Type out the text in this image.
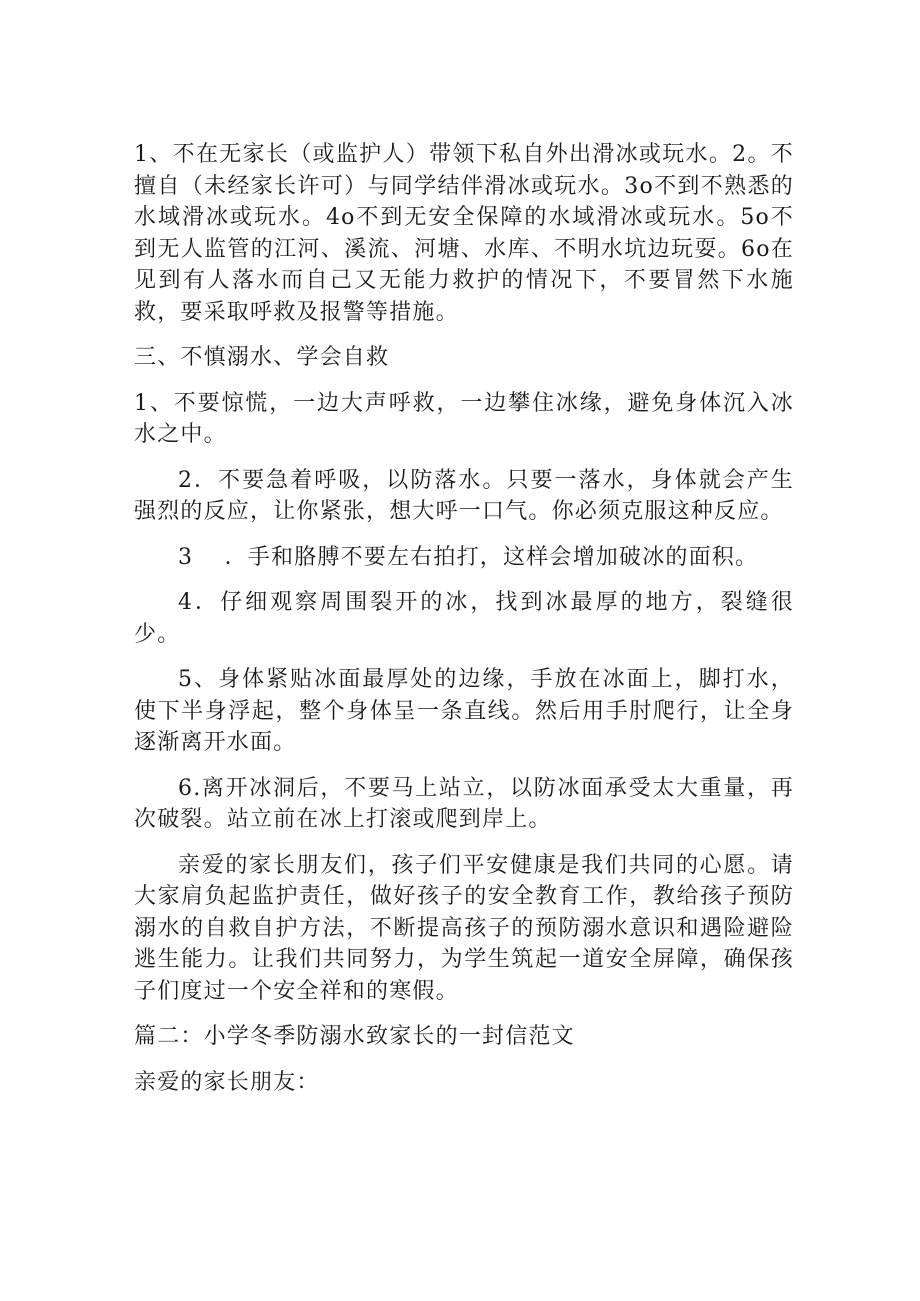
1、不在无家长（或监护人）带领下私自外出滑冰或玩水。2。不擅自（未经家长许可）与同学结伴滑冰或玩水。3o不到不熟悉的水域滑冰或玩水。4o不到无安全保障的水域滑冰或玩水。5o不到无人监管的江河、溪流、河塘、水库、不明水坑边玩耍。6o在见到有人落水而自己又无能力救护的情况下，不要冒然下水施救，要采取呼救及报警等措施。

三、不慎溺水、学会自救

1、不要惊慌，一边大声呼救，一边攀住冰缘，避免身体沉入冰水之中。

2．不要急着呼吸，以防落水。只要一落水，身体就会产生强烈的反应，让你紧张，想大呼一口气。你必须克服这种反应。

3　 ．手和胳膊不要左右拍打，这样会增加破冰的面积。

4．仔细观察周围裂开的冰，找到冰最厚的地方，裂缝很少。

5、身体紧贴冰面最厚处的边缘，手放在冰面上，脚打水，使下半身浮起，整个身体呈一条直线。然后用手肘爬行，让全身逐渐离开水面。

6.离开冰洞后，不要马上站立，以防冰面承受太大重量，再次破裂。站立前在冰上打滚或爬到岸上。

亲爱的家长朋友们，孩子们平安健康是我们共同的心愿。请大家肩负起监护责任，做好孩子的安全教育工作，教给孩子预防溺水的自救自护方法，不断提高孩子的预防溺水意识和遇险避险逃生能力。让我们共同努力，为学生筑起一道安全屏障，确保孩子们度过一个安全祥和的寒假。

篇二：小学冬季防溺水致家长的一封信范文

亲爱的家长朋友：
